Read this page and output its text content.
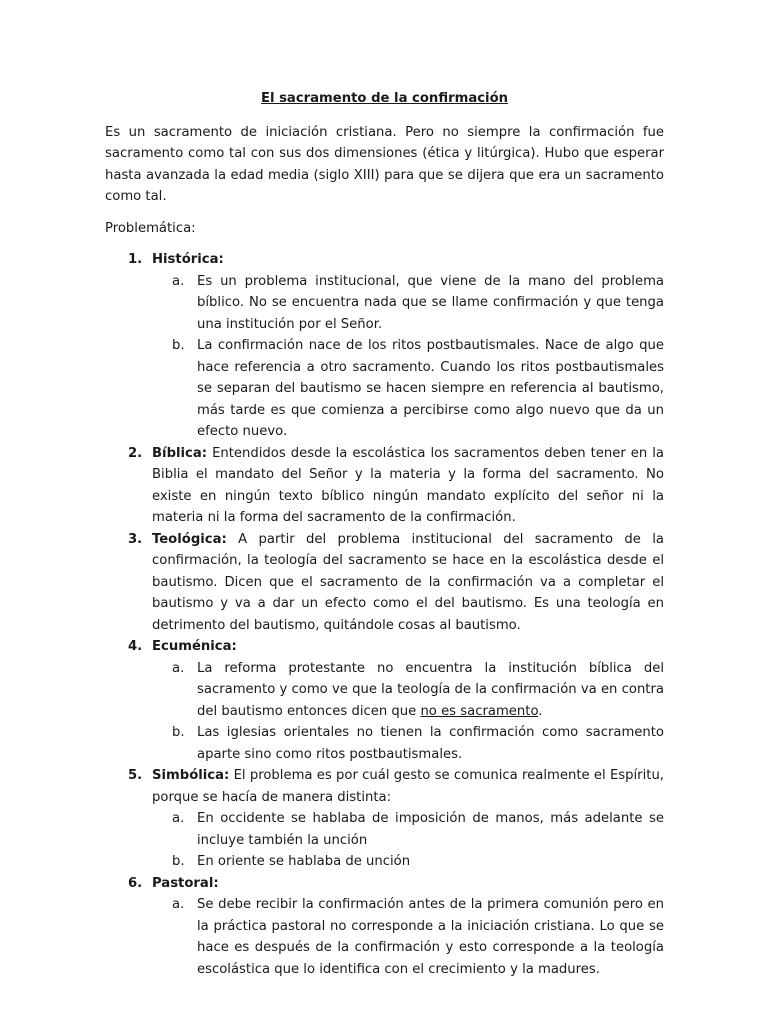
El sacramento de la confirmación

Es un sacramento de iniciación cristiana. Pero no siempre la confirmación fue sacramento como tal con sus dos dimensiones (ética y litúrgica). Hubo que esperar hasta avanzada la edad media (siglo XIII) para que se dijera que era un sacramento como tal.

Problemática:

1. Histórica:
a. Es un problema institucional, que viene de la mano del problema bíblico. No se encuentra nada que se llame confirmación y que tenga una institución por el Señor.
b. La confirmación nace de los ritos postbautismales. Nace de algo que hace referencia a otro sacramento. Cuando los ritos postbautismales se separan del bautismo se hacen siempre en referencia al bautismo, más tarde es que comienza a percibirse como algo nuevo que da un efecto nuevo.
2. Bíblica: Entendidos desde la escolástica los sacramentos deben tener en la Biblia el mandato del Señor y la materia y la forma del sacramento. No existe en ningún texto bíblico ningún mandato explícito del señor ni la materia ni la forma del sacramento de la confirmación.
3. Teológica: A partir del problema institucional del sacramento de la confirmación, la teología del sacramento se hace en la escolástica desde el bautismo. Dicen que el sacramento de la confirmación va a completar el bautismo y va a dar un efecto como el del bautismo. Es una teología en detrimento del bautismo, quitándole cosas al bautismo.
4. Ecuménica:
a. La reforma protestante no encuentra la institución bíblica del sacramento y como ve que la teología de la confirmación va en contra del bautismo entonces dicen que no es sacramento.
b. Las iglesias orientales no tienen la confirmación como sacramento aparte sino como ritos postbautismales.
5. Simbólica: El problema es por cuál gesto se comunica realmente el Espíritu, porque se hacía de manera distinta:
a. En occidente se hablaba de imposición de manos, más adelante se incluye también la unción
b. En oriente se hablaba de unción
6. Pastoral:
a. Se debe recibir la confirmación antes de la primera comunión pero en la práctica pastoral no corresponde a la iniciación cristiana. Lo que se hace es después de la confirmación y esto corresponde a la teología escolástica que lo identifica con el crecimiento y la madures.
